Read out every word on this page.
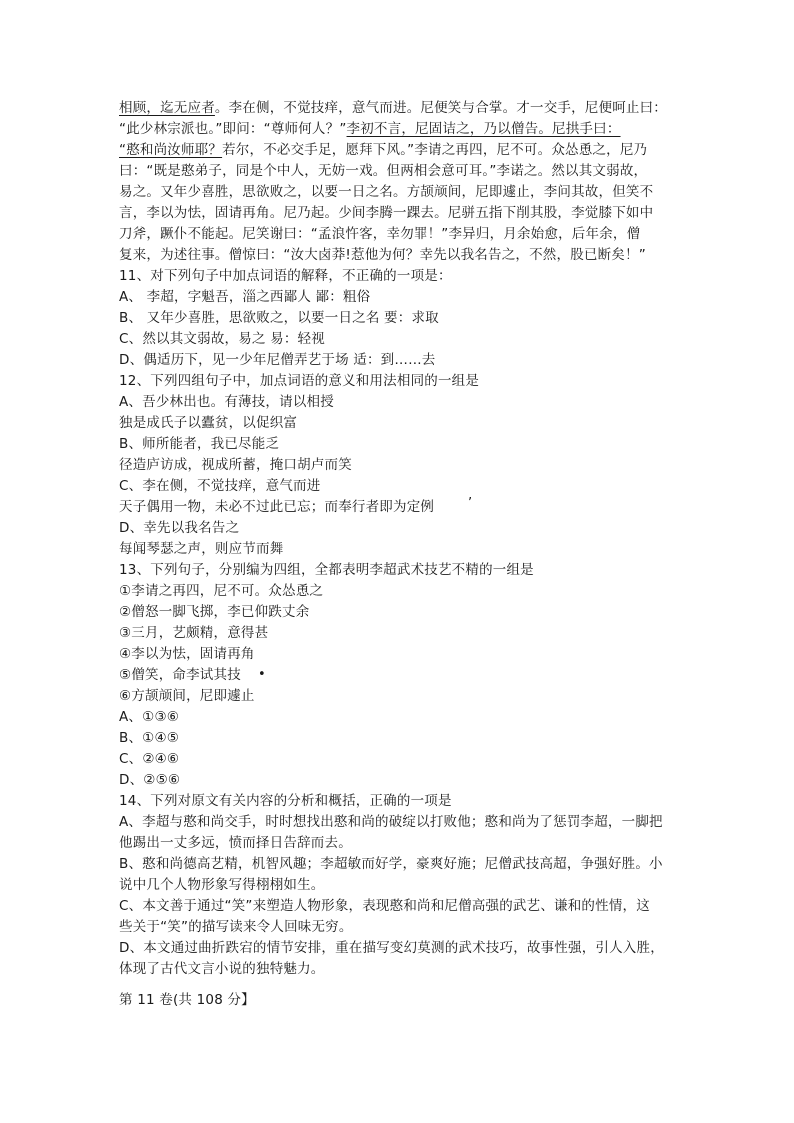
相顾，迄无应者。李在侧，不觉技痒，意气而进。尼便笑与合掌。才一交手，尼便呵止曰：
“此少林宗派也。”即问：“尊师何人？”李初不言，尼固诘之，乃以僧告。尼拱手曰：
“憨和尚汝师耶？若尔，不必交手足，愿拜下风。”李请之再四，尼不可。众怂恿之，尼乃
曰：“既是憨弟子，同是个中人，无妨一戏。但两相会意可耳。”李诺之。然以其文弱故，
易之。又年少喜胜，思欲败之，以要一日之名。方颉颃间，尼即遽止，李问其故，但笑不
言，李以为怯，固请再角。尼乃起。少间李腾一踝去。尼骈五指下削其股，李觉膝下如中
刀斧，蹶仆不能起。尼笑谢曰：“孟浪忤客，幸勿罪！”李异归，月余始愈，后年余，僧
复来，为述往事。僧惊曰：“汝大卤莽!惹他为何？幸先以我名告之，不然，股已断矣！”
11、对下列句子中加点词语的解释，不正确的一项是：
A、 李超，字魁吾，淄之西鄙人 鄙：粗俗
B、 又年少喜胜，思欲败之，以要一日之名 要：求取
C、然以其文弱故，易之 易：轻视
D、偶适历下，见一少年尼僧弄艺于场 适：到……去
12、下列四组句子中，加点词语的意义和用法相同的一组是
A、吾少林出也。有薄技，请以相授
独是成氏子以蠹贫，以促织富
B、师所能者，我已尽能乏
径造庐访成，视成所蓄，掩口胡卢而笑
C、李在侧，不觉技痒，意气而进
天子偶用一物，未必不过此已忘；而奉行者即为定例	’
D、幸先以我名告之
每闻琴瑟之声，则应节而舞
13、下列句子，分别编为四组，全都表明李超武术技艺不精的一组是
①李请之再四，尼不可。众怂恿之
②僧怒一脚飞掷，李已仰跌丈余
③三月，艺颇精，意得甚
④李以为怯，固请再角
⑤僧笑，命李试其技	•
⑥方颉颃间，尼即遽止
A、①③⑥
B、①④⑤
C、②④⑥
D、②⑤⑥
14、下列对原文有关内容的分析和概括，正确的一项是
A、李超与憨和尚交手，时时想找出憨和尚的破绽以打败他；憨和尚为了惩罚李超，一脚把
他踢出一丈多远，愤而择日告辞而去。
B、憨和尚德高艺精，机智风趣；李超敏而好学，豪爽好施；尼僧武技高超，争强好胜。小
说中几个人物形象写得栩栩如生。
C、本文善于通过“笑”来塑造人物形象，表现憨和尚和尼僧高强的武艺、谦和的性情，这
些关于“笑”的描写读来令人回味无穷。
D、本文通过曲折跌宕的情节安排，重在描写变幻莫测的武术技巧，故事性强，引人入胜，
体现了古代文言小说的独特魅力。
第 11 卷(共 108 分】
